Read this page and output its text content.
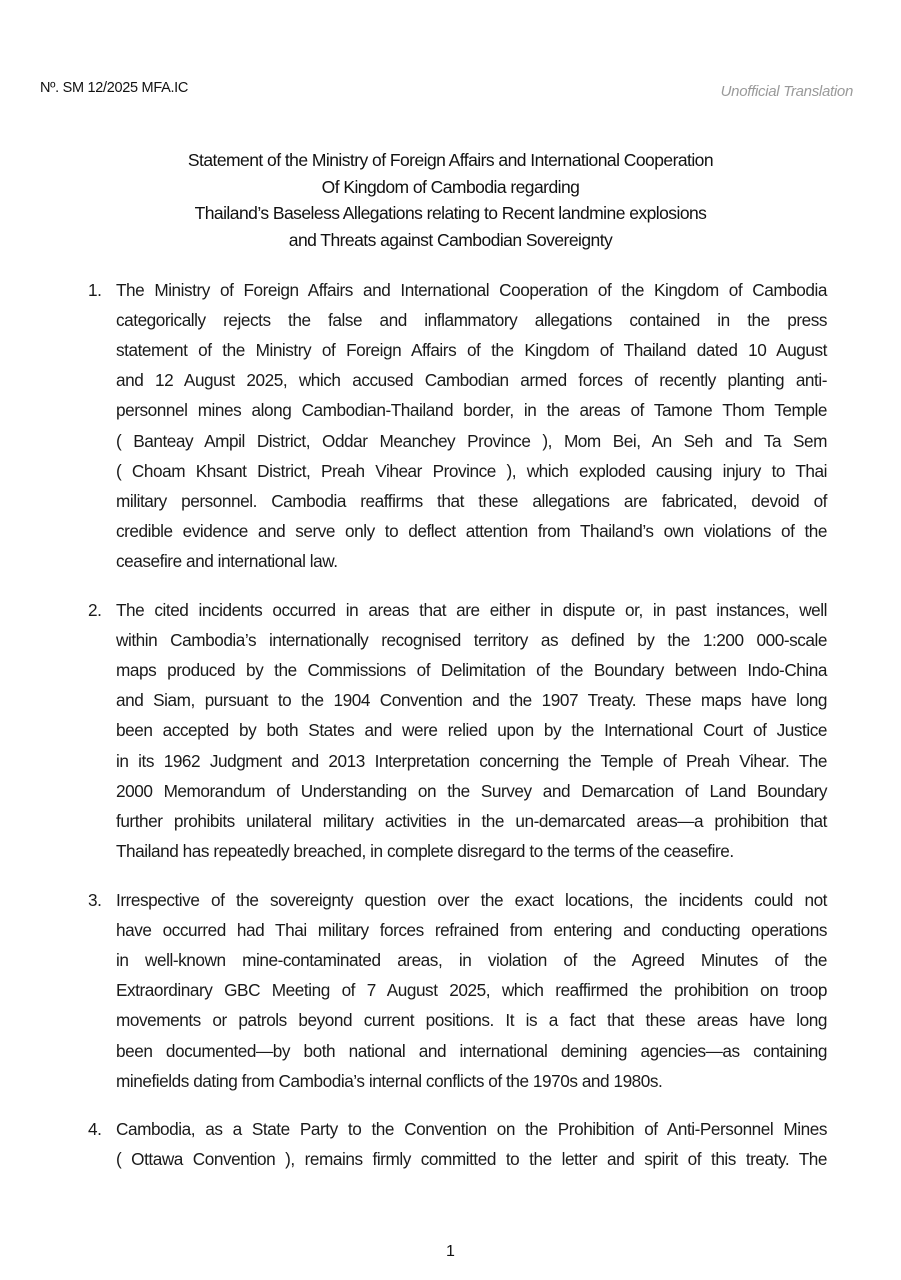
Nº. SM 12/2025 MFA.IC	Unofficial Translation
Statement of the Ministry of Foreign Affairs and International Cooperation
Of Kingdom of Cambodia regarding
Thailand’s Baseless Allegations relating to Recent landmine explosions
and Threats against Cambodian Sovereignty
1. The Ministry of Foreign Affairs and International Cooperation of the Kingdom of Cambodia
categorically rejects the false and inflammatory allegations contained in the press
statement of the Ministry of Foreign Affairs of the Kingdom of Thailand dated 10 August
and 12 August 2025, which accused Cambodian armed forces of recently planting anti-
personnel mines along Cambodian-Thailand border, in the areas of Tamone Thom Temple
( Banteay Ampil District, Oddar Meanchey Province ), Mom Bei, An Seh and Ta Sem
( Choam Khsant District, Preah Vihear Province ), which exploded causing injury to Thai
military personnel. Cambodia reaffirms that these allegations are fabricated, devoid of
credible evidence and serve only to deflect attention from Thailand’s own violations of the
ceasefire and international law.
2. The cited incidents occurred in areas that are either in dispute or, in past instances, well
within Cambodia’s internationally recognised territory as defined by the 1:200 000-scale
maps produced by the Commissions of Delimitation of the Boundary between Indo-China
and Siam, pursuant to the 1904 Convention and the 1907 Treaty. These maps have long
been accepted by both States and were relied upon by the International Court of Justice
in its 1962 Judgment and 2013 Interpretation concerning the Temple of Preah Vihear. The
2000 Memorandum of Understanding on the Survey and Demarcation of Land Boundary
further prohibits unilateral military activities in the un-demarcated areas—a prohibition that
Thailand has repeatedly breached, in complete disregard to the terms of the ceasefire.
3. Irrespective of the sovereignty question over the exact locations, the incidents could not
have occurred had Thai military forces refrained from entering and conducting operations
in well-known mine-contaminated areas, in violation of the Agreed Minutes of the
Extraordinary GBC Meeting of 7 August 2025, which reaffirmed the prohibition on troop
movements or patrols beyond current positions. It is a fact that these areas have long
been documented—by both national and international demining agencies—as containing
minefields dating from Cambodia’s internal conflicts of the 1970s and 1980s.
4. Cambodia, as a State Party to the Convention on the Prohibition of Anti-Personnel Mines
( Ottawa Convention ), remains firmly committed to the letter and spirit of this treaty. The
1
